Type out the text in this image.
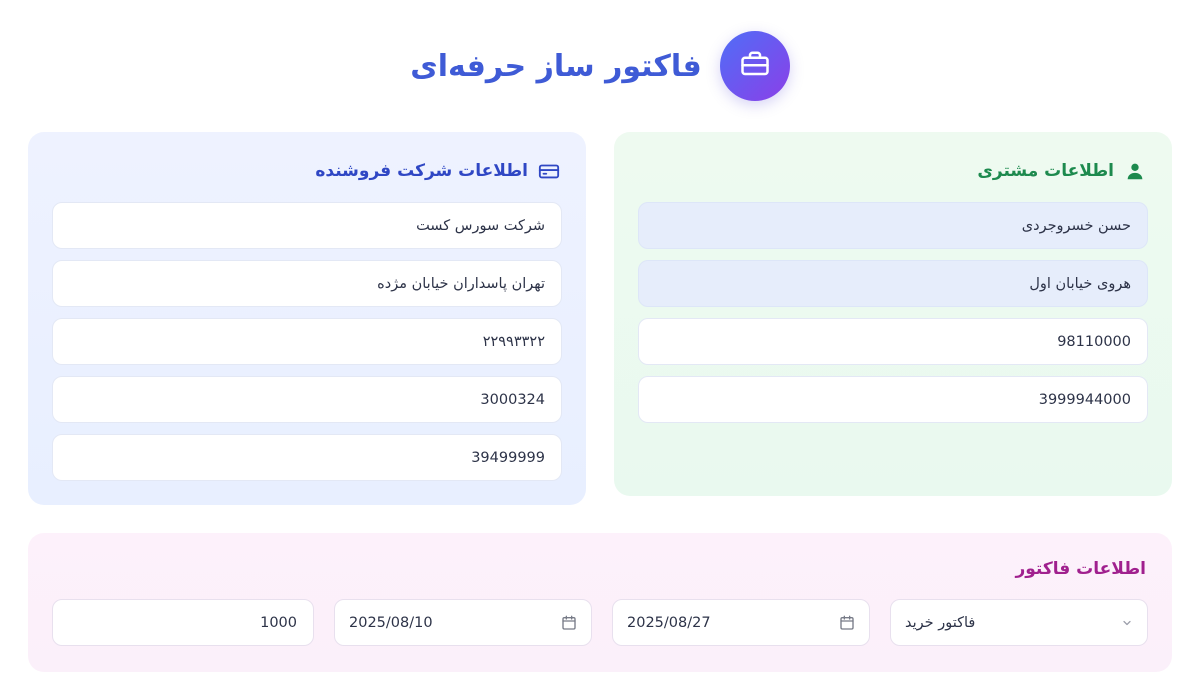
فاکتور ساز حرفه‌ای
اطلاعات مشتری
حسن خسروجردی هروی خیابان اول 98110000 3999944000
اطلاعات شرکت فروشنده
شرکت سورس کست تهران پاسداران خیابان مژده ۲۲۹۹۳۳۲۲ 3000324 39499999
اطلاعات فاکتور
فاکتور خرید
2025/08/27
2025/08/10
1000
